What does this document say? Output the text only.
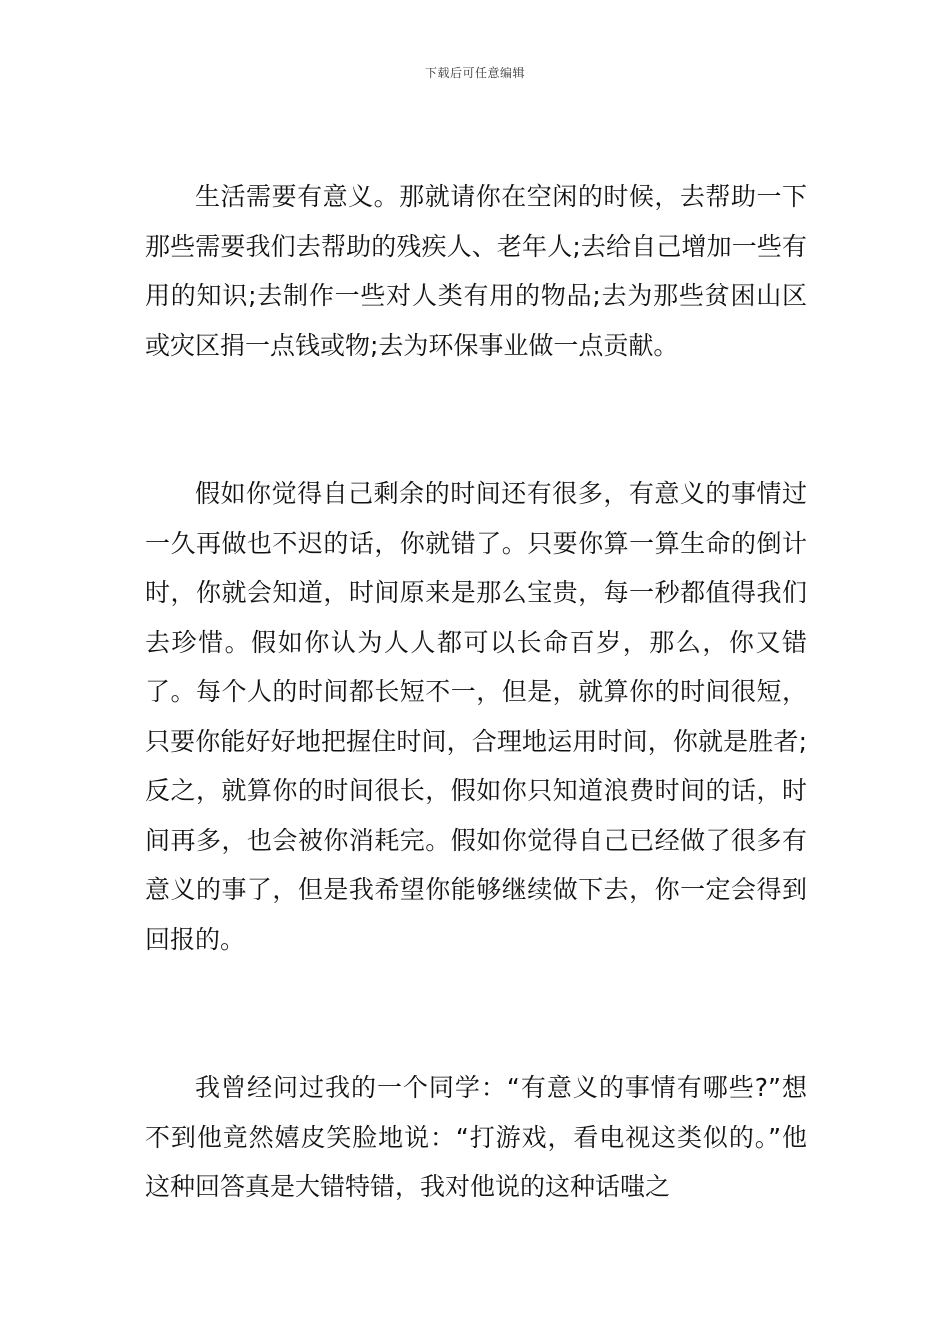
下载后可任意编辑

生活需要有意义。那就请你在空闲的时候，去帮助一下那些需要我们去帮助的残疾人、老年人;去给自己增加一些有用的知识;去制作一些对人类有用的物品;去为那些贫困山区或灾区捐一点钱或物;去为环保事业做一点贡献。

假如你觉得自己剩余的时间还有很多，有意义的事情过一久再做也不迟的话，你就错了。只要你算一算生命的倒计时，你就会知道，时间原来是那么宝贵，每一秒都值得我们去珍惜。假如你认为人人都可以长命百岁，那么，你又错了。每个人的时间都长短不一，但是，就算你的时间很短，只要你能好好地把握住时间，合理地运用时间，你就是胜者;反之，就算你的时间很长，假如你只知道浪费时间的话，时间再多，也会被你消耗完。假如你觉得自己已经做了很多有意义的事了，但是我希望你能够继续做下去，你一定会得到回报的。

我曾经问过我的一个同学：“有意义的事情有哪些?”想不到他竟然嬉皮笑脸地说：“打游戏，看电视这类似的。”他这种回答真是大错特错，我对他说的这种话嗤之
